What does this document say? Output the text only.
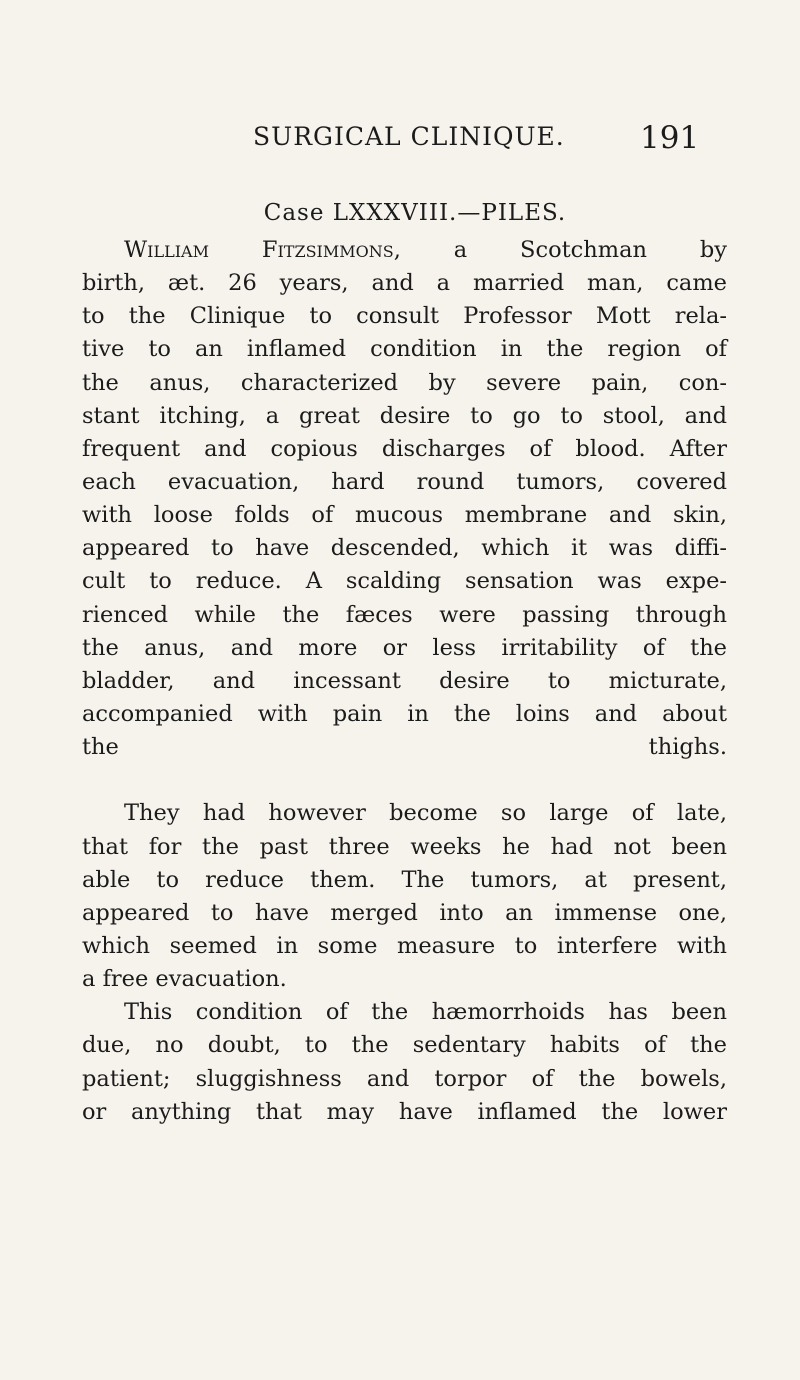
SURGICAL CLINIQUE. 191
Case LXXXVIII.—PILES.
William Fitzsimmons, a Scotchman by
birth, æt. 26 years, and a married man, came
to the Clinique to consult Professor Mott rela-
tive to an inflamed condition in the region of
the anus, characterized by severe pain, con-
stant itching, a great desire to go to stool, and
frequent and copious discharges of blood. After
each evacuation, hard round tumors, covered
with loose folds of mucous membrane and skin,
appeared to have descended, which it was diffi-
cult to reduce. A scalding sensation was expe-
rienced while the fæces were passing through
the anus, and more or less irritability of the
bladder, and incessant desire to micturate,
accompanied with pain in the loins and about
the thighs.
They had however become so large of late,
that for the past three weeks he had not been
able to reduce them. The tumors, at present,
appeared to have merged into an immense one,
which seemed in some measure to interfere with
a free evacuation.
This condition of the hæmorrhoids has been
due, no doubt, to the sedentary habits of the
patient; sluggishness and torpor of the bowels,
or anything that may have inflamed the lower
